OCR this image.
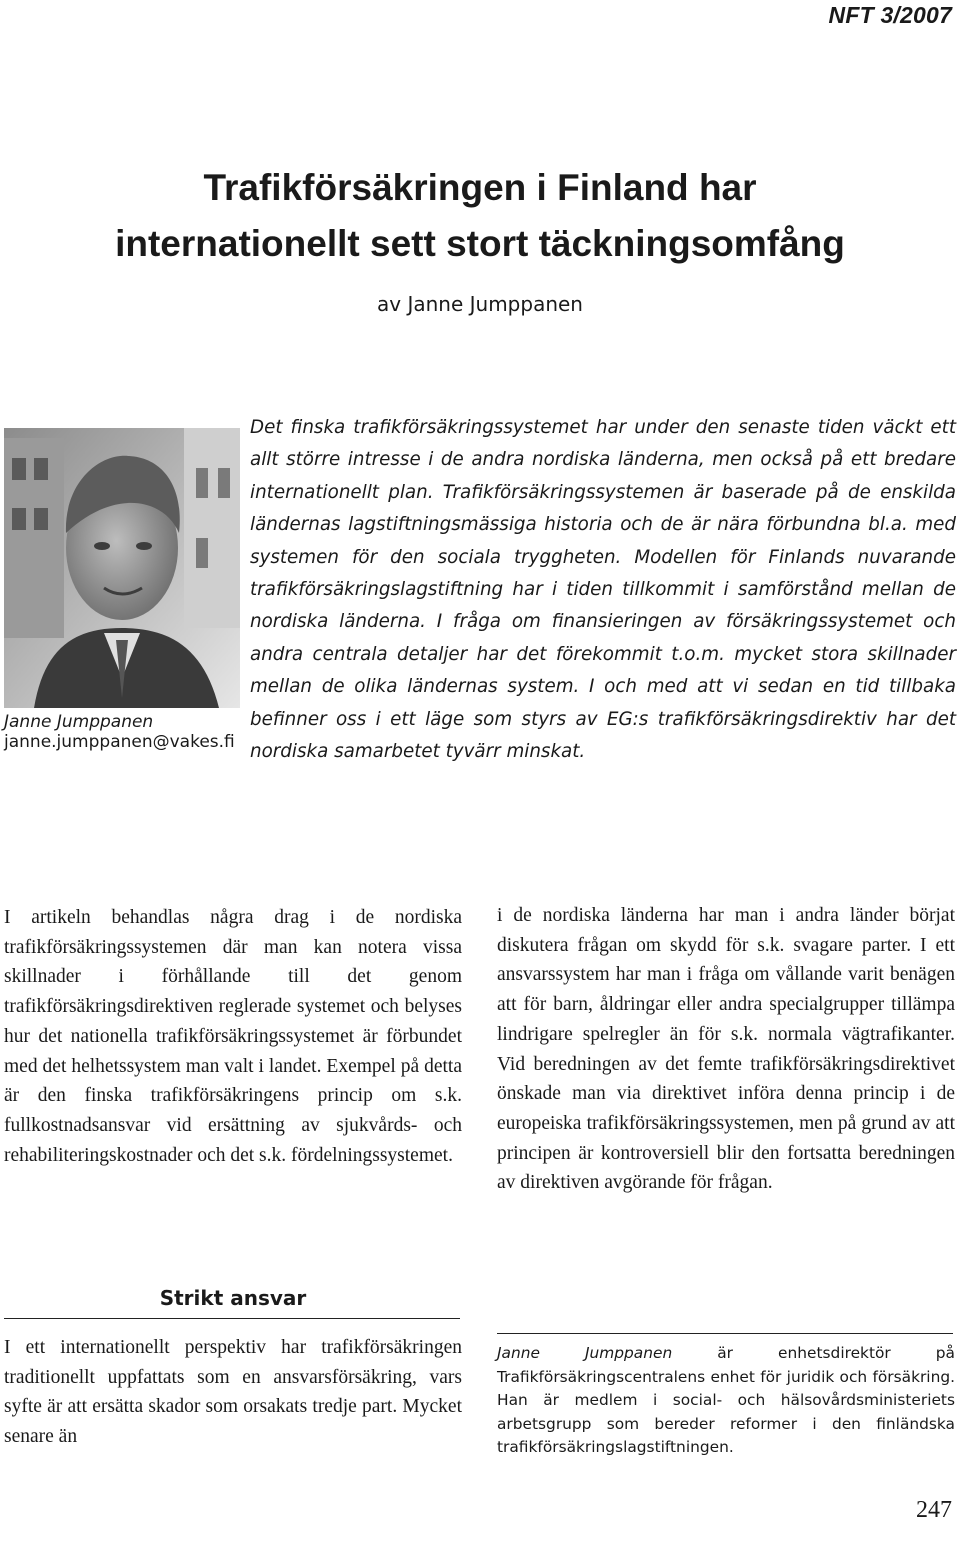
NFT 3/2007
Trafikförsäkringen i Finland har
internationellt sett stort täckningsomfång
av Janne Jumppanen
Janne Jumppanen
janne.jumppanen@vakes.fi

Det finska trafikförsäkringssystemet har under den senaste tiden väckt ett allt större intresse i de andra nordiska länderna, men också på ett bredare internationellt plan. Trafikförsäkringssystemen är baserade på de enskilda ländernas lagstiftningsmässiga historia och de är nära förbundna bl.a. med systemen för den sociala tryggheten. Modellen för Finlands nuvarande trafikförsäkringslagstiftning har i tiden tillkommit i samförstånd mellan de nordiska länderna. I fråga om finansieringen av försäkringssystemet och andra centrala detaljer har det förekommit t.o.m. mycket stora skillnader mellan de olika ländernas system. I och med att vi sedan en tid tillbaka befinner oss i ett läge som styrs av EG:s trafikförsäkringsdirektiv har det nordiska samarbetet tyvärr minskat.

I artikeln behandlas några drag i de nordiska trafikförsäkringssystemen där man kan notera vissa skillnader i förhållande till det genom trafikförsäkringsdirektiven reglerade systemet och belyses hur det nationella trafikförsäkringssystemet är förbundet med det helhetssystem man valt i landet. Exempel på detta är den finska trafikförsäkringens princip om s.k. fullkostnadsansvar vid ersättning av sjukvårds- och rehabiliteringskostnader och det s.k. fördelningssystemet.

Strikt ansvar

I ett internationellt perspektiv har trafikförsäkringen traditionellt uppfattats som en ansvarsförsäkring, vars syfte är att ersätta skador som orsakats tredje part. Mycket senare än

i de nordiska länderna har man i andra länder börjat diskutera frågan om skydd för s.k. svagare parter. I ett ansvarssystem har man i fråga om vållande varit benägen att för barn, åldringar eller andra specialgrupper tillämpa lindrigare spelregler än för s.k. normala vägtrafikanter. Vid beredningen av det femte trafikförsäkringsdirektivet önskade man via direktivet införa denna princip i de europeiska trafikförsäkringssystemen, men på grund av att principen är kontroversiell blir den fortsatta beredningen av direktiven avgörande för frågan.

Janne Jumppanen är enhetsdirektör på Trafikförsäkringscentralens enhet för juridik och försäkring. Han är medlem i social- och hälsovårdsministeriets arbetsgrupp som bereder reformer i den finländska trafikförsäkringslagstiftningen.

247
